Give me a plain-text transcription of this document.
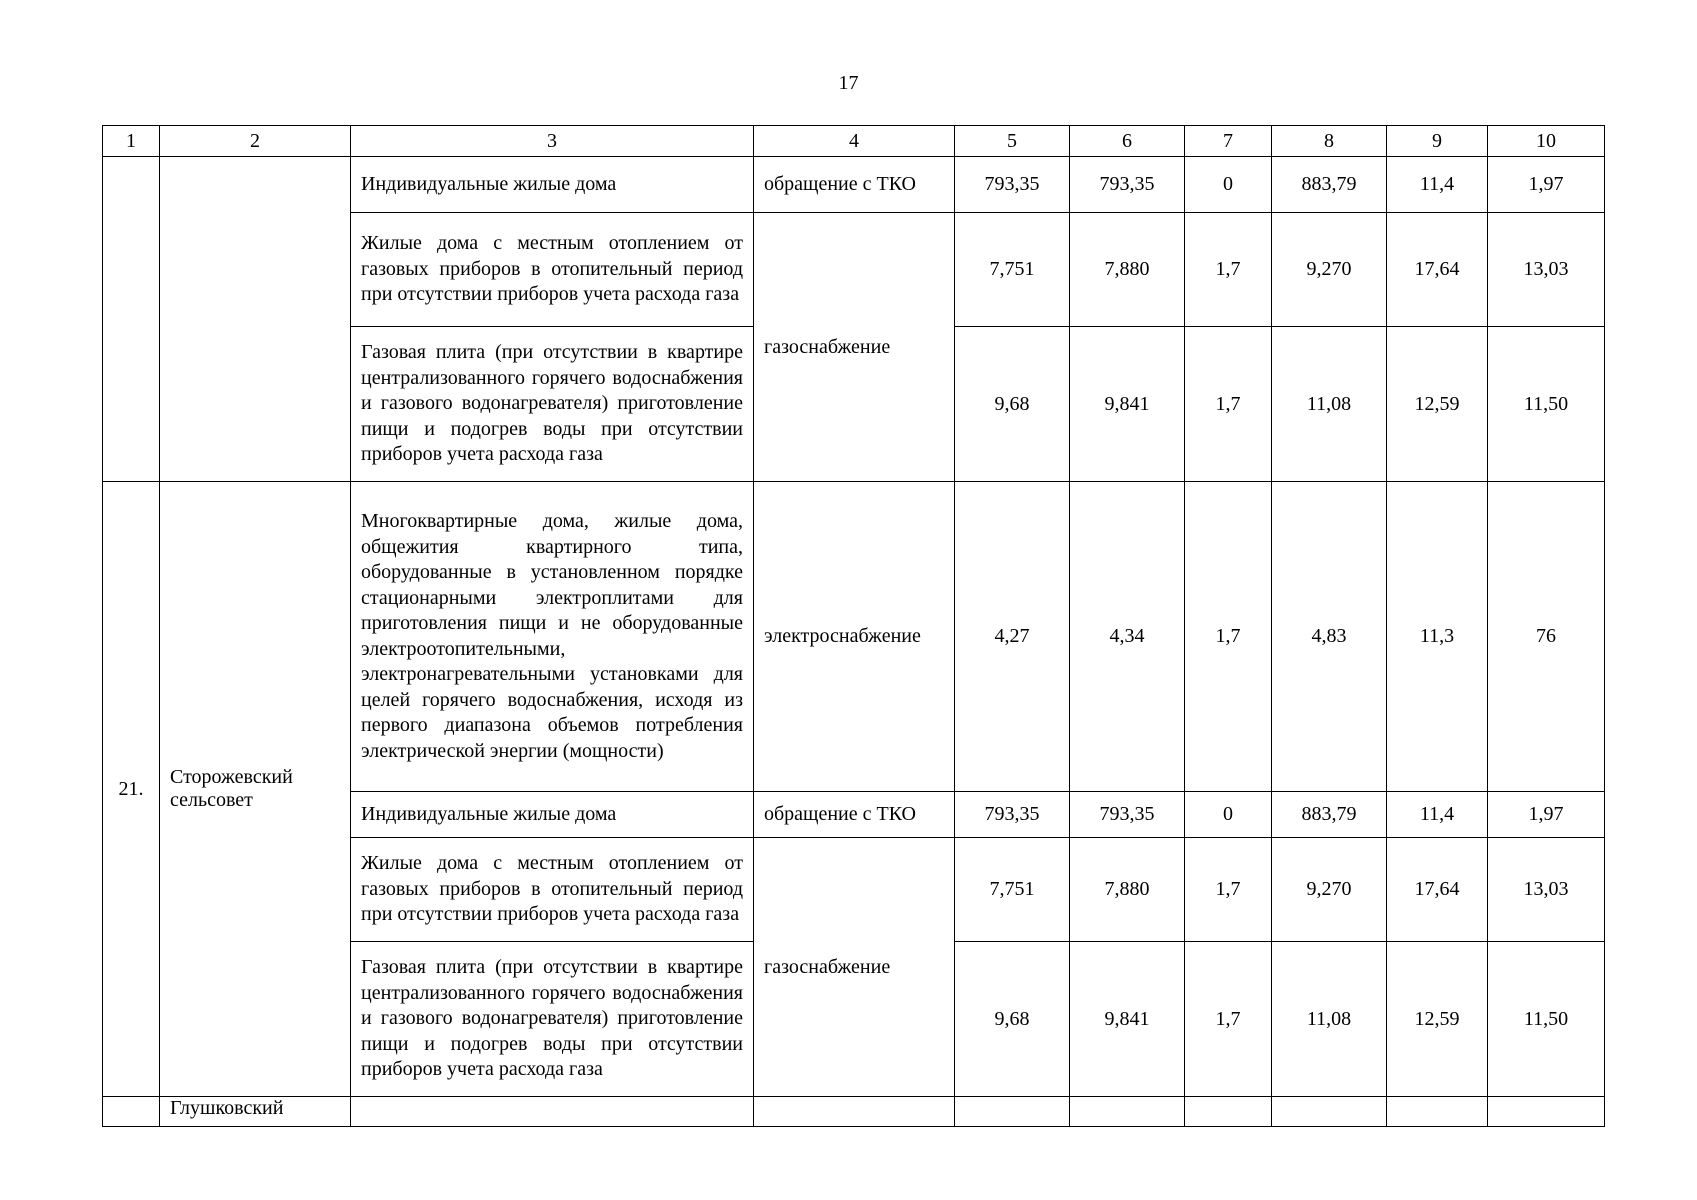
17
1	2	3	4	5	6	7	8	9	10
		Индивидуальные жилые дома	обращение с ТКО	793,35	793,35	0	883,79	11,4	1,97
		Жилые дома с местным отоплением от газовых приборов в отопительный период при отсутствии приборов учета расхода газа	газоснабжение	7,751	7,880	1,7	9,270	17,64	13,03
		Газовая плита (при отсутствии в квартире централизованного горячего водоснабжения и газового водонагревателя) приготовление пищи и подогрев воды при отсутствии приборов учета расхода газа		9,68	9,841	1,7	11,08	12,59	11,50
21.	Сторожевский сельсовет	Многоквартирные дома, жилые дома, общежития квартирного типа, оборудованные в установленном порядке стационарными электроплитами для приготовления пищи и не оборудованные электроотопительными, электронагревательными установками для целей горячего водоснабжения, исходя из первого диапазона объемов потребления электрической энергии (мощности)	электроснабжение	4,27	4,34	1,7	4,83	11,3	76
		Индивидуальные жилые дома	обращение с ТКО	793,35	793,35	0	883,79	11,4	1,97
		Жилые дома с местным отоплением от газовых приборов в отопительный период при отсутствии приборов учета расхода газа	газоснабжение	7,751	7,880	1,7	9,270	17,64	13,03
		Газовая плита (при отсутствии в квартире централизованного горячего водоснабжения и газового водонагревателя) приготовление пищи и подогрев воды при отсутствии приборов учета расхода газа		9,68	9,841	1,7	11,08	12,59	11,50
	Глушковский								
